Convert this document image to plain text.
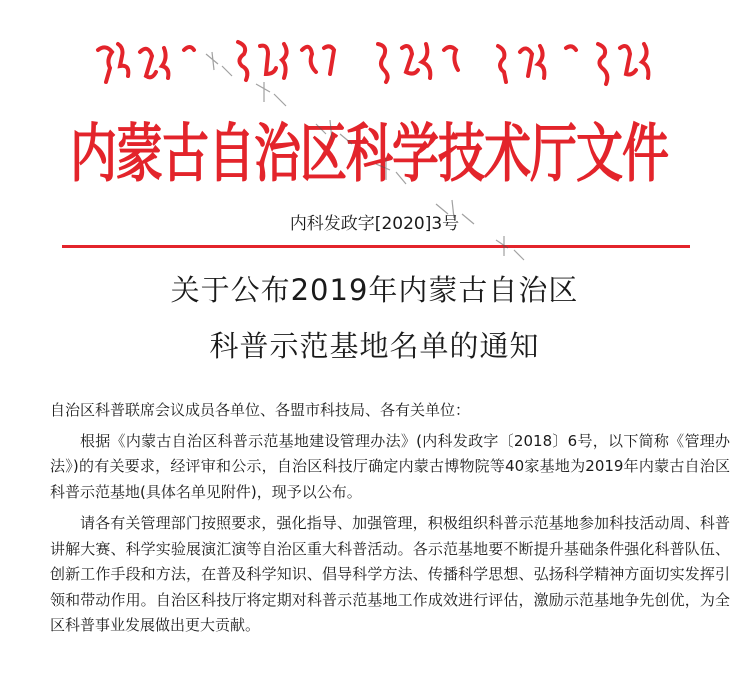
内蒙古自治区科学技术厅文件
内科发政字[2020]3号
关于公布2019年内蒙古自治区
科普示范基地名单的通知

自治区科普联席会议成员各单位、各盟市科技局、各有关单位：

根据《内蒙古自治区科普示范基地建设管理办法》(内科发政字〔2018〕6号，以下简称《管理办法》)的有关要求，经评审和公示，自治区科技厅确定内蒙古博物院等40家基地为2019年内蒙古自治区科普示范基地(具体名单见附件)，现予以公布。

请各有关管理部门按照要求，强化指导、加强管理，积极组织科普示范基地参加科技活动周、科普讲解大赛、科学实验展演汇演等自治区重大科普活动。各示范基地要不断提升基础条件强化科普队伍、创新工作手段和方法，在普及科学知识、倡导科学方法、传播科学思想、弘扬科学精神方面切实发挥引领和带动作用。自治区科技厅将定期对科普示范基地工作成效进行评估，激励示范基地争先创优，为全区科普事业发展做出更大贡献。
